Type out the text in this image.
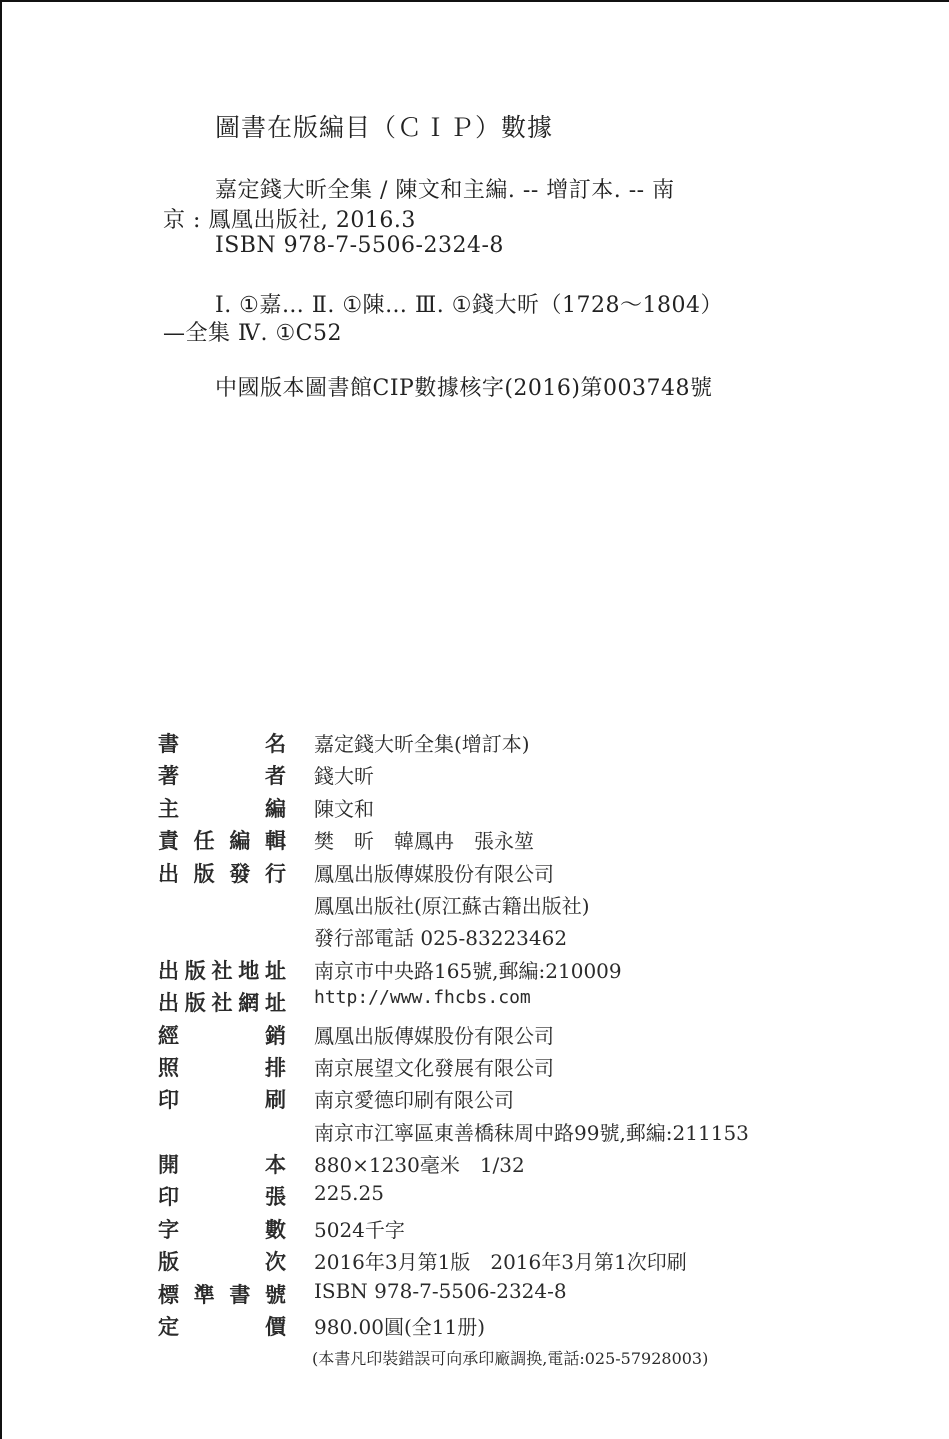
圖書在版編目（ＣＩＰ）數據
嘉定錢大昕全集 / 陳文和主編. -- 增訂本. -- 南
京 : 鳳凰出版社, 2016.3
ISBN 978-7-5506-2324-8
Ⅰ. ①嘉… Ⅱ. ①陳… Ⅲ. ①錢大昕（1728～1804）
—全集 Ⅳ. ①C52
中國版本圖書館CIP數據核字(2016)第003748號
書	名 嘉定錢大昕全集(增訂本)
著	者 錢大昕
主	編 陳文和
責 任 編 輯 樊　昕　韓鳳冉　張永堃
出 版 發 行 鳳凰出版傳媒股份有限公司
鳳凰出版社(原江蘇古籍出版社)
發行部電話 025-83223462
出 版 社 地 址 南京市中央路165號,郵編:210009
出 版 社 網 址 http://www.fhcbs.com
經	銷 鳳凰出版傳媒股份有限公司
照	排 南京展望文化發展有限公司
印	刷 南京愛德印刷有限公司
南京市江寧區東善橋秣周中路99號,郵編:211153
開	本 880×1230毫米　1/32
印	張 225.25
字	數 5024千字
版	次 2016年3月第1版　2016年3月第1次印刷
標 準 書 號 ISBN 978-7-5506-2324-8
定	價 980.00圓(全11册)
(本書凡印裝錯誤可向承印廠調换,電話:025-57928003)
